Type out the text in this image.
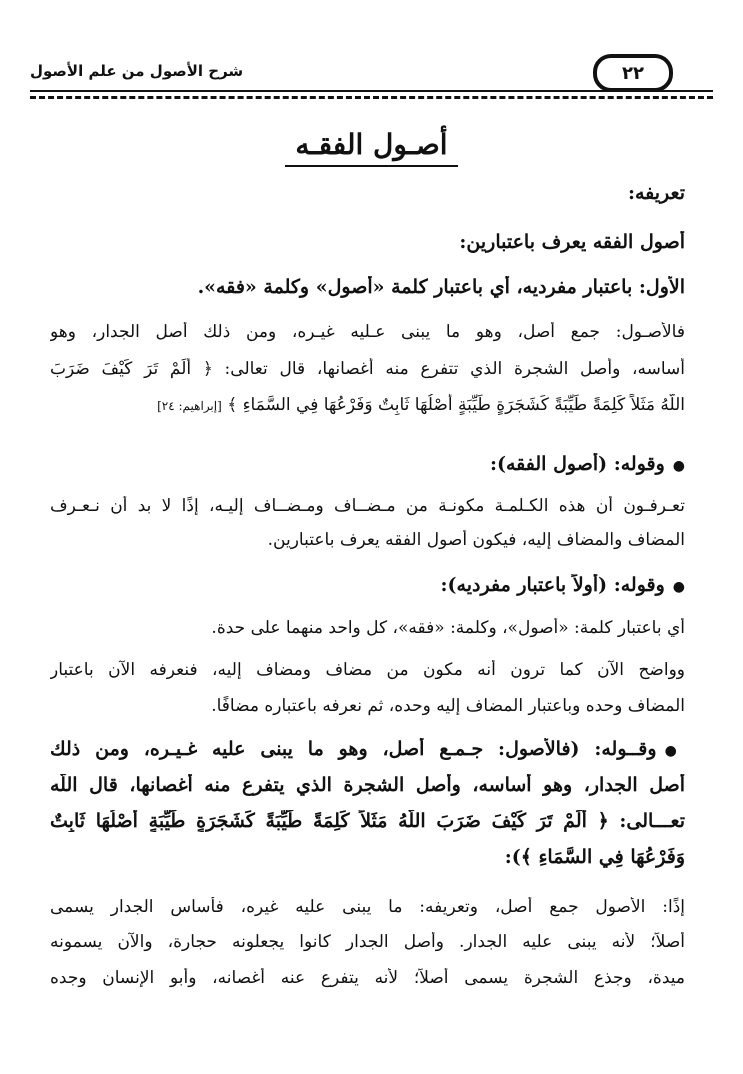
شرح الأصول من علم الأصول	٢٢
أصـول الفقـه
تعريفه:
أصول الفقه يعرف باعتبارين:
الأول: باعتبار مفرديه، أي باعتبار كلمة «أصول» وكلمة «فقه».
فالأصـول: جمع أصل، وهو ما يبنى عـليه غيـره، ومن ذلك أصل الجدار، وهو
أساسه، وأصل الشجرة الذي تتفرع منه أغصانها، قال تعالى: ﴿ أَلَمْ تَرَ كَيْفَ ضَرَبَ
اللَّهُ مَثَلاً كَلِمَةً طَيِّبَةً كَشَجَرَةٍ طَيِّبَةٍ أَصْلُهَا ثَابِتٌ وَفَرْعُهَا فِي السَّمَاءِ ﴾ [إبراهيم: ٢٤]
●وقوله: (أصول الفقه):
تعـرفـون أن هذه الكـلمـة مكونـة من مـضــاف ومـضــاف إليـه، إذًا لا بد أن نـعـرف
المضاف والمضاف إليه، فيكون أصول الفقه يعرف باعتبارين.
●وقوله: (أولاً باعتبار مفرديه):
أي باعتبار كلمة: «أصول»، وكلمة: «فقه»، كل واحد منهما على حدة.
وواضح الآن كما ترون أنه مكون من مضاف ومضاف إليه، فنعرفه الآن باعتبار
المضاف وحده وباعتبار المضاف إليه وحده، ثم نعرفه باعتباره مضافًا.
●وقــوله: (فالأصول: جـمـع أصل، وهو ما يبنى عليه غـيـره، ومن ذلك
أصل الجدار، وهو أساسه، وأصل الشجرة الذي يتفرع منه أغصانها، قال اللّه
تعـــالى: ﴿ أَلَمْ تَرَ كَيْفَ ضَرَبَ اللَّهُ مَثَلاً كَلِمَةً طَيِّبَةً كَشَجَرَةٍ طَيِّبَةٍ أَصْلُهَا ثَابِتٌ
وَفَرْعُهَا فِي السَّمَاءِ ﴾):
إذًا: الأصول جمع أصل، وتعريفه: ما يبنى عليه غيره، فأساس الجدار يسمى
أصلاً؛ لأنه يبنى عليه الجدار. وأصل الجدار كانوا يجعلونه حجارة، والآن يسمونه
ميدة، وجذع الشجرة يسمى أصلاً؛ لأنه يتفرع عنه أغصانه، وأبو الإنسان وجده
